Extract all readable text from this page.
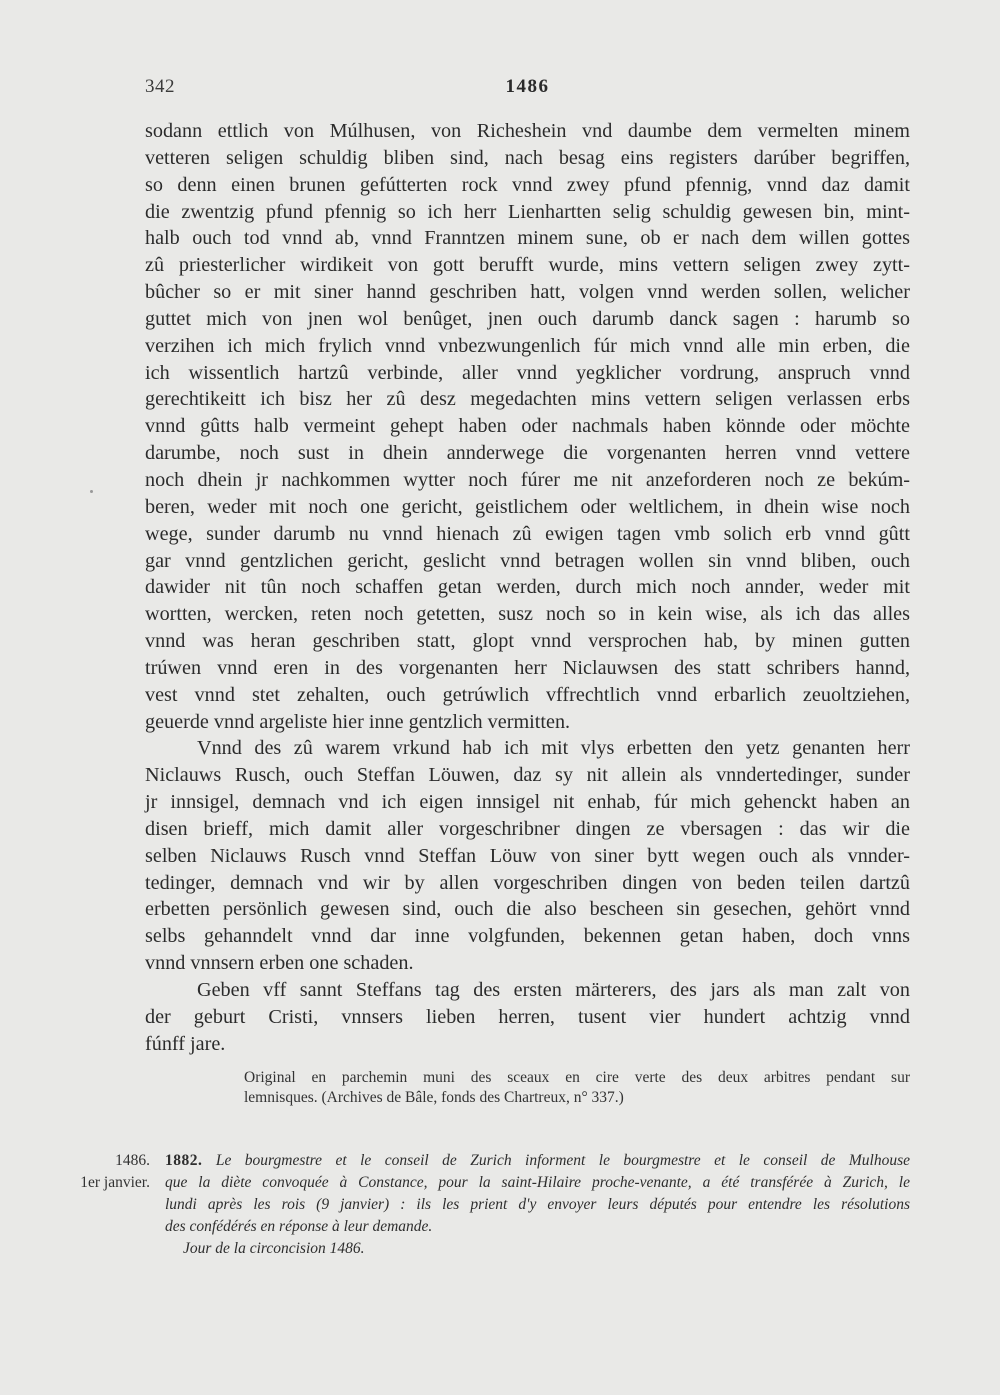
342	1486
sodann ettlich von Múlhusen, von Richeshein vnd daumbe dem vermelten minem
vetteren seligen schuldig bliben sind, nach besag eins registers darúber begriffen,
so denn einen brunen gefútterten rock vnnd zwey pfund pfennig, vnnd daz damit
die zwentzig pfund pfennig so ich herr Lienhartten selig schuldig gewesen bin, mint-
halb ouch tod vnnd ab, vnnd Franntzen minem sune, ob er nach dem willen gottes
zû priesterlicher wirdikeit von gott berufft wurde, mins vettern seligen zwey zytt-
bûcher so er mit siner hannd geschriben hatt, volgen vnnd werden sollen, welicher
guttet mich von jnen wol benûget, jnen ouch darumb danck sagen : harumb so
verzihen ich mich frylich vnnd vnbezwungenlich fúr mich vnnd alle min erben, die
ich wissentlich hartzû verbinde, aller vnnd yegklicher vordrung, anspruch vnnd
gerechtikeitt ich bisz her zû desz megedachten mins vettern seligen verlassen erbs
vnnd gûtts halb vermeint gehept haben oder nachmals haben könnde oder möchte
darumbe, noch sust in dhein annderwege die vorgenanten herren vnnd vettere
noch dhein jr nachkommen wytter noch fúrer me nit anzeforderen noch ze bekúm-
beren, weder mit noch one gericht, geistlichem oder weltlichem, in dhein wise noch
wege, sunder darumb nu vnnd hienach zû ewigen tagen vmb solich erb vnnd gûtt
gar vnnd gentzlichen gericht, geslicht vnnd betragen wollen sin vnnd bliben, ouch
dawider nit tûn noch schaffen getan werden, durch mich noch annder, weder mit
wortten, wercken, reten noch getetten, susz noch so in kein wise, als ich das alles
vnnd was heran geschriben statt, glopt vnnd versprochen hab, by minen gutten
trúwen vnnd eren in des vorgenanten herr Niclauwsen des statt schribers hannd,
vest vnnd stet zehalten, ouch getrúwlich vffrechtlich vnnd erbarlich zeuoltziehen,
geuerde vnnd argeliste hier inne gentzlich vermitten.
Vnnd des zû warem vrkund hab ich mit vlys erbetten den yetz genanten herr
Niclauws Rusch, ouch Steffan Löuwen, daz sy nit allein als vnndertedinger, sunder
jr innsigel, demnach vnd ich eigen innsigel nit enhab, fúr mich gehenckt haben an
disen brieff, mich damit aller vorgeschribner dingen ze vbersagen : das wir die
selben Niclauws Rusch vnnd Steffan Löuw von siner bytt wegen ouch als vnnder-
tedinger, demnach vnd wir by allen vorgeschriben dingen von beden teilen dartzû
erbetten persönlich gewesen sind, ouch die also bescheen sin gesechen, gehört vnnd
selbs gehanndelt vnnd dar inne volgfunden, bekennen getan haben, doch vnns
vnnd vnnsern erben one schaden.
Geben vff sannt Steffans tag des ersten märterers, des jars als man zalt von
der geburt Cristi, vnnsers lieben herren, tusent vier hundert achtzig vnnd
fúnff jare.
Original en parchemin muni des sceaux en cire verte des deux arbitres pendant sur
lemnisques. (Archives de Bâle, fonds des Chartreux, n° 337.)
1486.
1er janvier.
1882. Le bourgmestre et le conseil de Zurich informent le bourgmestre et le conseil de Mulhouse
que la diète convoquée à Constance, pour la saint-Hilaire proche-venante, a été transférée à Zurich, le
lundi après les rois (9 janvier) : ils les prient d'y envoyer leurs députés pour entendre les résolutions
des confédérés en réponse à leur demande.
Jour de la circoncision 1486.
